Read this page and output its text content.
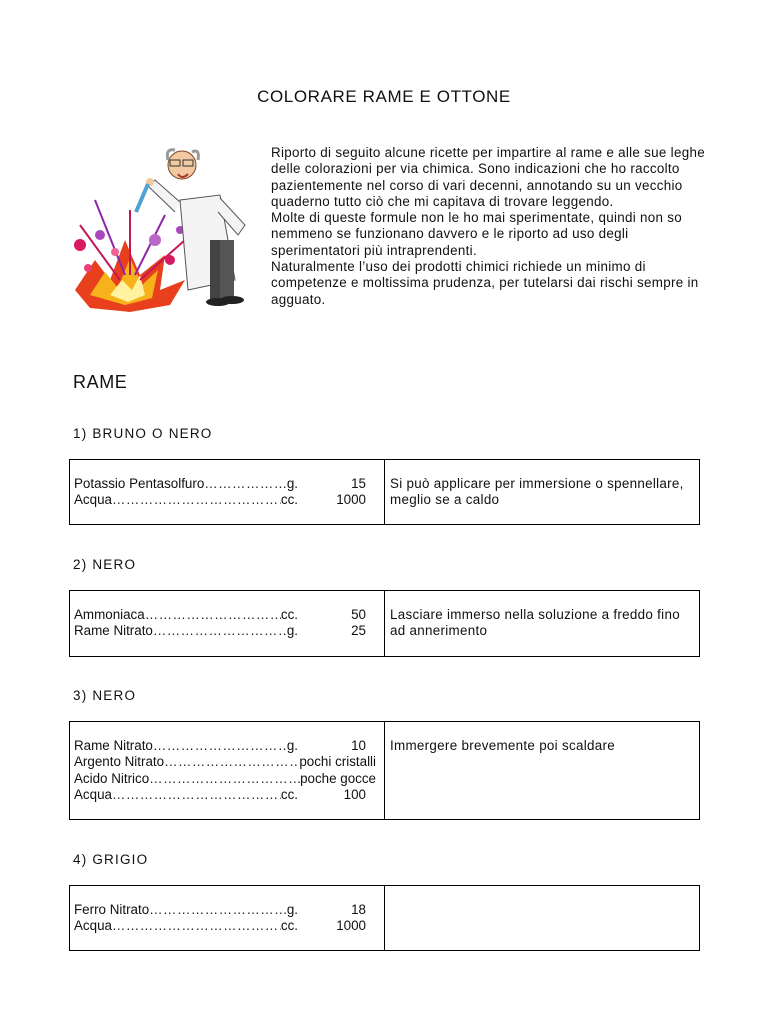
COLORARE RAME E OTTONE

Riporto di seguito alcune ricette per impartire al rame e alle sue leghe delle colorazioni per via chimica. Sono indicazioni che ho raccolto pazientemente nel corso di vari decenni, annotando su un vecchio quaderno tutto ciò che mi capitava di trovare leggendo.

Molte di queste formule non le ho mai sperimentate, quindi non so nemmeno se funzionano davvero e le riporto ad uso degli sperimentatori più intraprendenti.

Naturalmente l’uso dei prodotti chimici richiede un minimo di competenze e moltissima prudenza, per tutelarsi dai rischi sempre in agguato.

RAME
1) BRUNO O NERO
Potassio Pentasolfuro ……………………………………………………………………	g.	15
Acqua ……………………………………………………………………	cc.	1000
Si può applicare per immersione o spennellare, meglio se a caldo
2) NERO
Ammoniaca ……………………………………………………………………	cc.	50
Rame Nitrato ……………………………………………………………………	g.	25
Lasciare immerso nella soluzione a freddo fino ad annerimento
3) NERO
Rame Nitrato ……………………………………………………………………	g.	10
Argento Nitrato ……………………………………………………………………	pochi cristalli
Acido Nitrico ……………………………………………………………………	poche gocce
Acqua ……………………………………………………………………	cc.	100
Immergere brevemente poi scaldare
4) GRIGIO
Ferro Nitrato ……………………………………………………………………	g.	18
Acqua ……………………………………………………………………	cc.	1000
